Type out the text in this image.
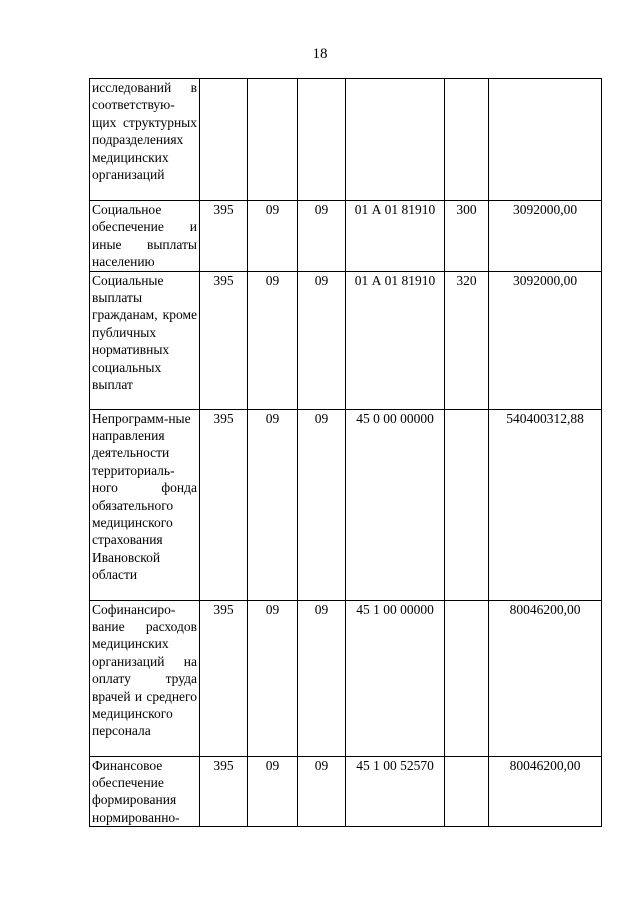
18
исследований в соответствую-щих структурных подразделениях медицинских организаций						
Социальное обеспечение и иные выплаты населению	395	09	09	01 А 01 81910	300	3092000,00
Социальные выплаты гражданам, кроме публичных нормативных социальных выплат	395	09	09	01 А 01 81910	320	3092000,00
Непрограмм-ные направления деятельности территориаль-ного фонда обязательного медицинского страхования Ивановской области	395	09	09	45 0 00 00000		540400312,88
Софинансиро-вание расходов медицинских организаций на оплату труда врачей и среднего медицинского персонала	395	09	09	45 1 00 00000		80046200,00
Финансовое обеспечение формирования нормированно-	395	09	09	45 1 00 52570		80046200,00
